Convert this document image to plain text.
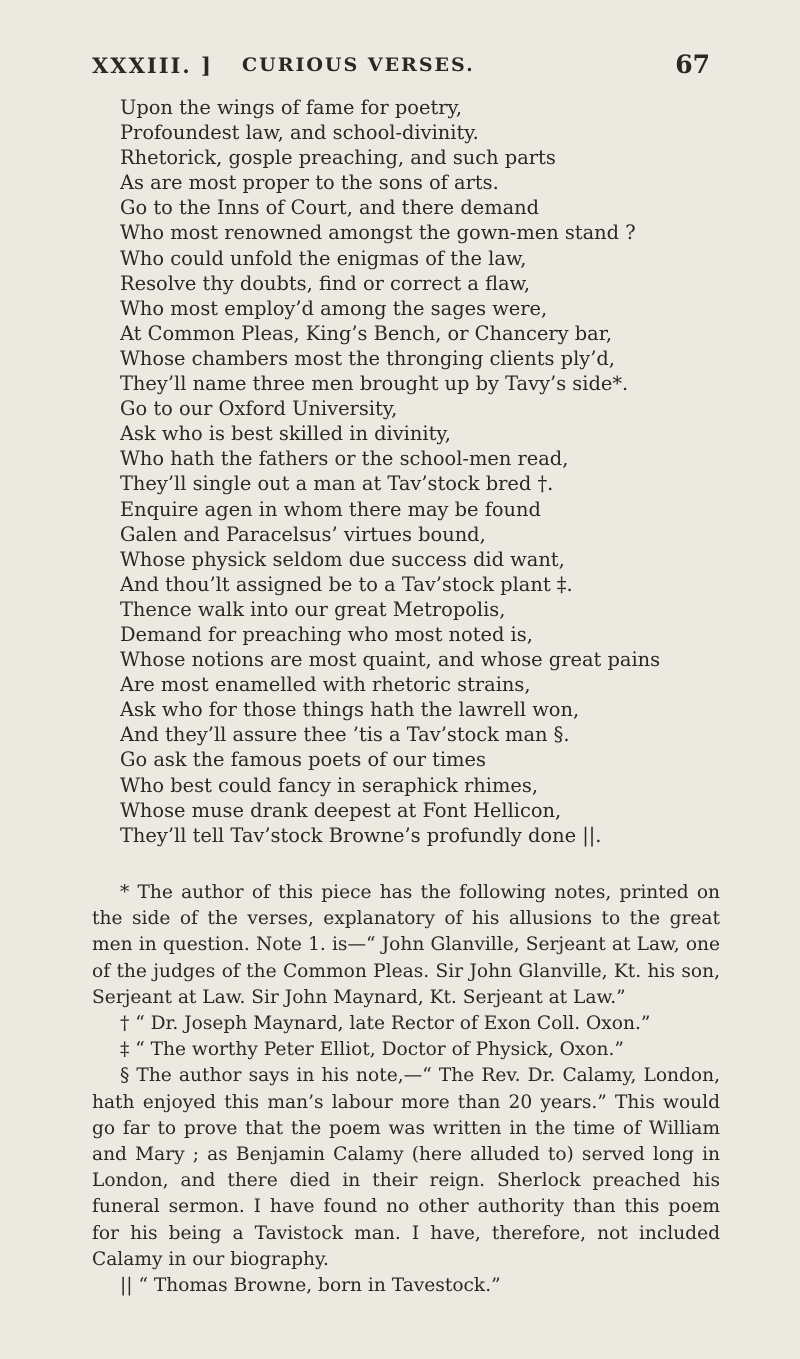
XXXIII. ] CURIOUS VERSES.	67
Upon the wings of fame for poetry,
Profoundest law, and school-divinity.
Rhetorick, gosple preaching, and such parts
As are most proper to the sons of arts.
Go to the Inns of Court, and there demand
Who most renowned amongst the gown-men stand ?
Who could unfold the enigmas of the law,
Resolve thy doubts, find or correct a flaw,
Who most employ’d among the sages were,
At Common Pleas, King’s Bench, or Chancery bar,
Whose chambers most the thronging clients ply’d,
They’ll name three men brought up by Tavy’s side*.
Go to our Oxford University,
Ask who is best skilled in divinity,
Who hath the fathers or the school-men read,
They’ll single out a man at Tav’stock bred †.
Enquire agen in whom there may be found
Galen and Paracelsus’ virtues bound,
Whose physick seldom due success did want,
And thou’lt assigned be to a Tav’stock plant ‡.
Thence walk into our great Metropolis,
Demand for preaching who most noted is,
Whose notions are most quaint, and whose great pains
Are most enamelled with rhetoric strains,
Ask who for those things hath the lawrell won,
And they’ll assure thee ’tis a Tav’stock man §.
Go ask the famous poets of our times
Who best could fancy in seraphick rhimes,
Whose muse drank deepest at Font Hellicon,
They’ll tell Tav’stock Browne’s profundly done ||.

* The author of this piece has the following notes, printed on the side of the verses, explanatory of his allusions to the great men in question. Note 1. is—“ John Glanville, Serjeant at Law, one of the judges of the Common Pleas. Sir John Glanville, Kt. his son, Serjeant at Law. Sir John Maynard, Kt. Serjeant at Law.”

† “ Dr. Joseph Maynard, late Rector of Exon Coll. Oxon.”

‡ “ The worthy Peter Elliot, Doctor of Physick, Oxon.”

§ The author says in his note,—“ The Rev. Dr. Calamy, London, hath enjoyed this man’s labour more than 20 years.” This would go far to prove that the poem was written in the time of William and Mary ; as Benjamin Calamy (here alluded to) served long in London, and there died in their reign. Sherlock preached his funeral sermon. I have found no other authority than this poem for his being a Tavistock man. I have, therefore, not included Calamy in our biography.

|| “ Thomas Browne, born in Tavestock.”
